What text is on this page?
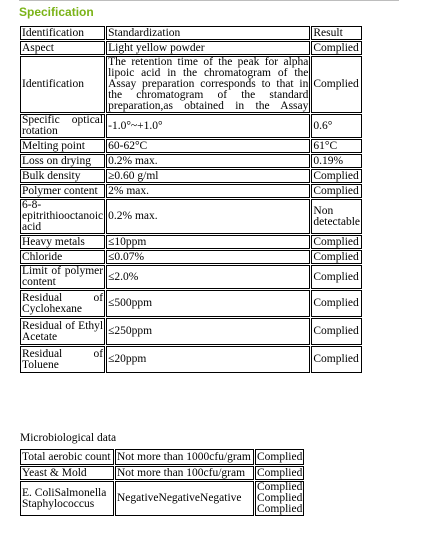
Specification
Identification	Standardization	Result
Aspect	Light yellow powder	Complied
Identification	The retention time of the peak for alpha lipoic acid in the chromatogram of the Assay preparation corresponds to that in the chromatogram of the standard preparation,as obtained in the Assay	Complied
Specific optical rotation	-1.0°~+1.0°	0.6°
Melting point	60-62°C	61°C
Loss on drying	0.2% max.	0.19%
Bulk density	≥0.60 g/ml	Complied
Polymer content	2% max.	Complied
6-8-epitrithiooctanoic acid	0.2% max.	Non detectable
Heavy metals	≤10ppm	Complied
Chloride	≤0.07%	Complied
Limit of polymer content	≤2.0%	Complied
Residual of Cyclohexane	≤500ppm	Complied
Residual of Ethyl Acetate	≤250ppm	Complied
Residual of Toluene	≤20ppm	Complied
Microbiological data
Total aerobic count	Not more than 1000cfu/gram	Complied
Yeast & Mold	Not more than 100cfu/gram	Complied
E. ColiSalmonella Staphylococcus	NegativeNegativeNegative	Complied Complied Complied
